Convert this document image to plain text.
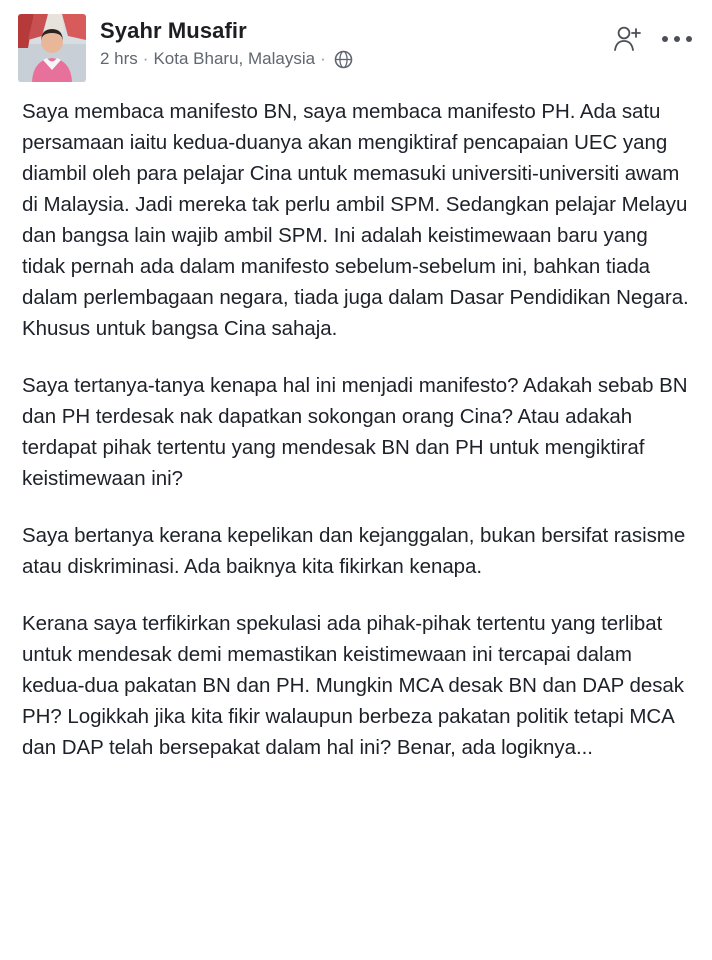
Syahr Musafir
2 hrs · Kota Bharu, Malaysia ·

Saya membaca manifesto BN, saya membaca manifesto PH. Ada satu persamaan iaitu kedua-duanya akan mengiktiraf pencapaian UEC yang diambil oleh para pelajar Cina untuk memasuki universiti-universiti awam di Malaysia. Jadi mereka tak perlu ambil SPM. Sedangkan pelajar Melayu dan bangsa lain wajib ambil SPM. Ini adalah keistimewaan baru yang tidak pernah ada dalam manifesto sebelum-sebelum ini, bahkan tiada dalam perlembagaan negara, tiada juga dalam Dasar Pendidikan Negara. Khusus untuk bangsa Cina sahaja.

Saya tertanya-tanya kenapa hal ini menjadi manifesto? Adakah sebab BN dan PH terdesak nak dapatkan sokongan orang Cina? Atau adakah terdapat pihak tertentu yang mendesak BN dan PH untuk mengiktiraf keistimewaan ini?

Saya bertanya kerana kepelikan dan kejanggalan, bukan bersifat rasisme atau diskriminasi. Ada baiknya kita fikirkan kenapa.

Kerana saya terfikirkan spekulasi ada pihak-pihak tertentu yang terlibat untuk mendesak demi memastikan keistimewaan ini tercapai dalam kedua-dua pakatan BN dan PH. Mungkin MCA desak BN dan DAP desak PH? Logikkah jika kita fikir walaupun berbeza pakatan politik tetapi MCA dan DAP telah bersepakat dalam hal ini? Benar, ada logiknya...
